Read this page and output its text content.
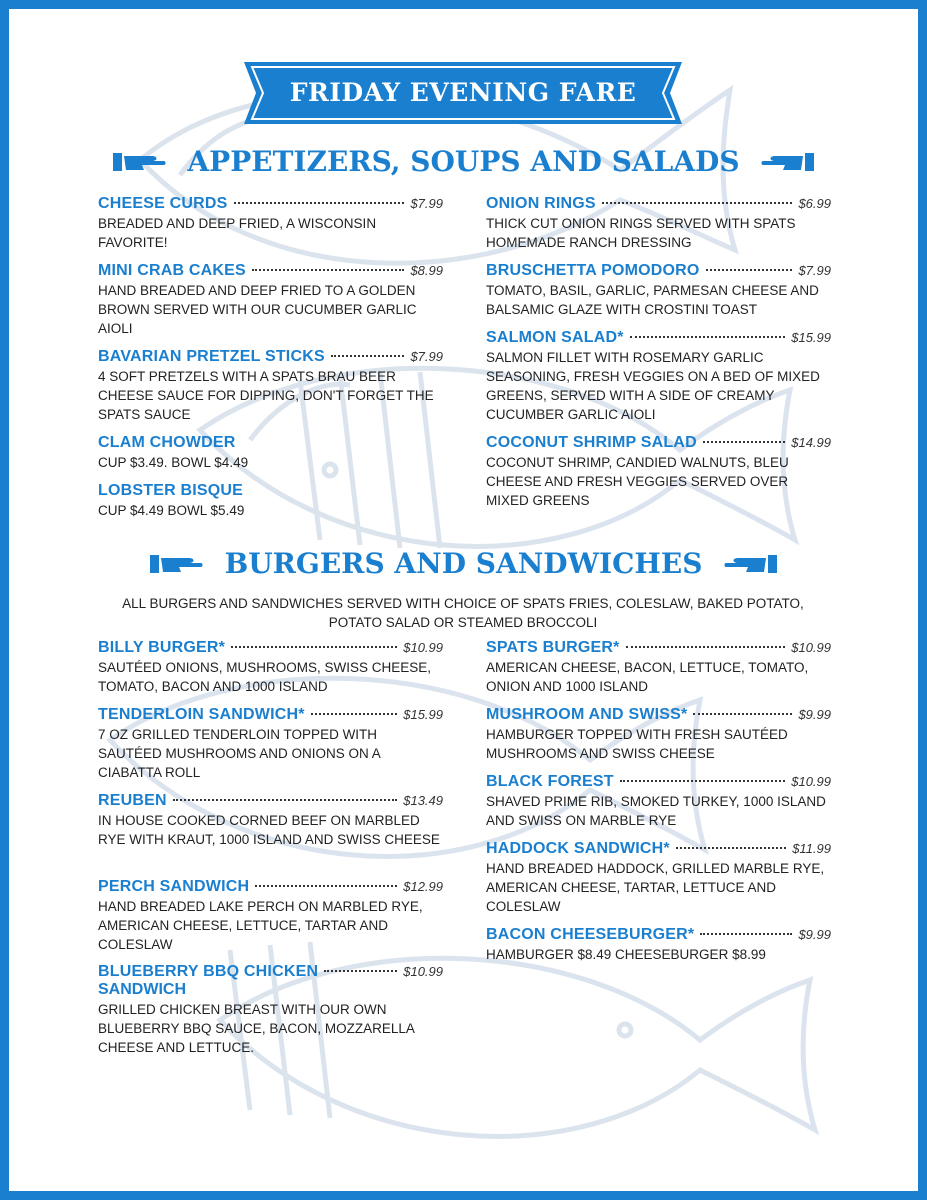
FRIDAY EVENING FARE
APPETIZERS, SOUPS AND SALADS
CHEESE CURDS	$7.99
BREADED AND DEEP FRIED, A WISCONSIN FAVORITE!
MINI CRAB CAKES	$8.99
HAND BREADED AND DEEP FRIED TO A GOLDEN BROWN SERVED WITH OUR CUCUMBER GARLIC AIOLI
BAVARIAN PRETZEL STICKS	$7.99
4 SOFT PRETZELS WITH A SPATS BRAU BEER CHEESE SAUCE FOR DIPPING, DON'T FORGET THE SPATS SAUCE
CLAM CHOWDER
CUP $3.49. BOWL $4.49
LOBSTER BISQUE
CUP $4.49 BOWL $5.49
ONION RINGS	$6.99
THICK CUT ONION RINGS SERVED WITH SPATS HOMEMADE RANCH DRESSING
BRUSCHETTA POMODORO	$7.99
TOMATO, BASIL, GARLIC, PARMESAN CHEESE AND BALSAMIC GLAZE WITH CROSTINI TOAST
SALMON SALAD*	$15.99
SALMON FILLET WITH ROSEMARY GARLIC SEASONING, FRESH VEGGIES ON A BED OF MIXED GREENS, SERVED WITH A SIDE OF CREAMY CUCUMBER GARLIC AIOLI
COCONUT SHRIMP SALAD	$14.99
COCONUT SHRIMP, CANDIED WALNUTS, BLEU CHEESE AND FRESH VEGGIES SERVED OVER MIXED GREENS
BURGERS AND SANDWICHES
ALL BURGERS AND SANDWICHES SERVED WITH CHOICE OF SPATS FRIES, COLESLAW, BAKED POTATO, POTATO SALAD OR STEAMED BROCCOLI
BILLY BURGER*	$10.99
SAUTÉED ONIONS, MUSHROOMS, SWISS CHEESE, TOMATO, BACON AND 1000 ISLAND
TENDERLOIN SANDWICH*	$15.99
7 OZ GRILLED TENDERLOIN TOPPED WITH SAUTÉED MUSHROOMS AND ONIONS ON A CIABATTA ROLL
REUBEN	$13.49
IN HOUSE COOKED CORNED BEEF ON MARBLED RYE WITH KRAUT, 1000 ISLAND AND SWISS CHEESE
PERCH SANDWICH	$12.99
HAND BREADED LAKE PERCH ON MARBLED RYE, AMERICAN CHEESE, LETTUCE, TARTAR AND COLESLAW
BLUEBERRY BBQ CHICKEN	$10.99
SANDWICH
GRILLED CHICKEN BREAST WITH OUR OWN BLUEBERRY BBQ SAUCE, BACON, MOZZARELLA CHEESE AND LETTUCE.
SPATS BURGER*	$10.99
AMERICAN CHEESE, BACON, LETTUCE, TOMATO, ONION AND 1000 ISLAND
MUSHROOM AND SWISS*	$9.99
HAMBURGER TOPPED WITH FRESH SAUTÉED MUSHROOMS AND SWISS CHEESE
BLACK FOREST	$10.99
SHAVED PRIME RIB, SMOKED TURKEY, 1000 ISLAND AND SWISS ON MARBLE RYE
HADDOCK SANDWICH*	$11.99
HAND BREADED HADDOCK, GRILLED MARBLE RYE, AMERICAN CHEESE, TARTAR, LETTUCE AND COLESLAW
BACON CHEESEBURGER*	$9.99
HAMBURGER $8.49 CHEESEBURGER $8.99
